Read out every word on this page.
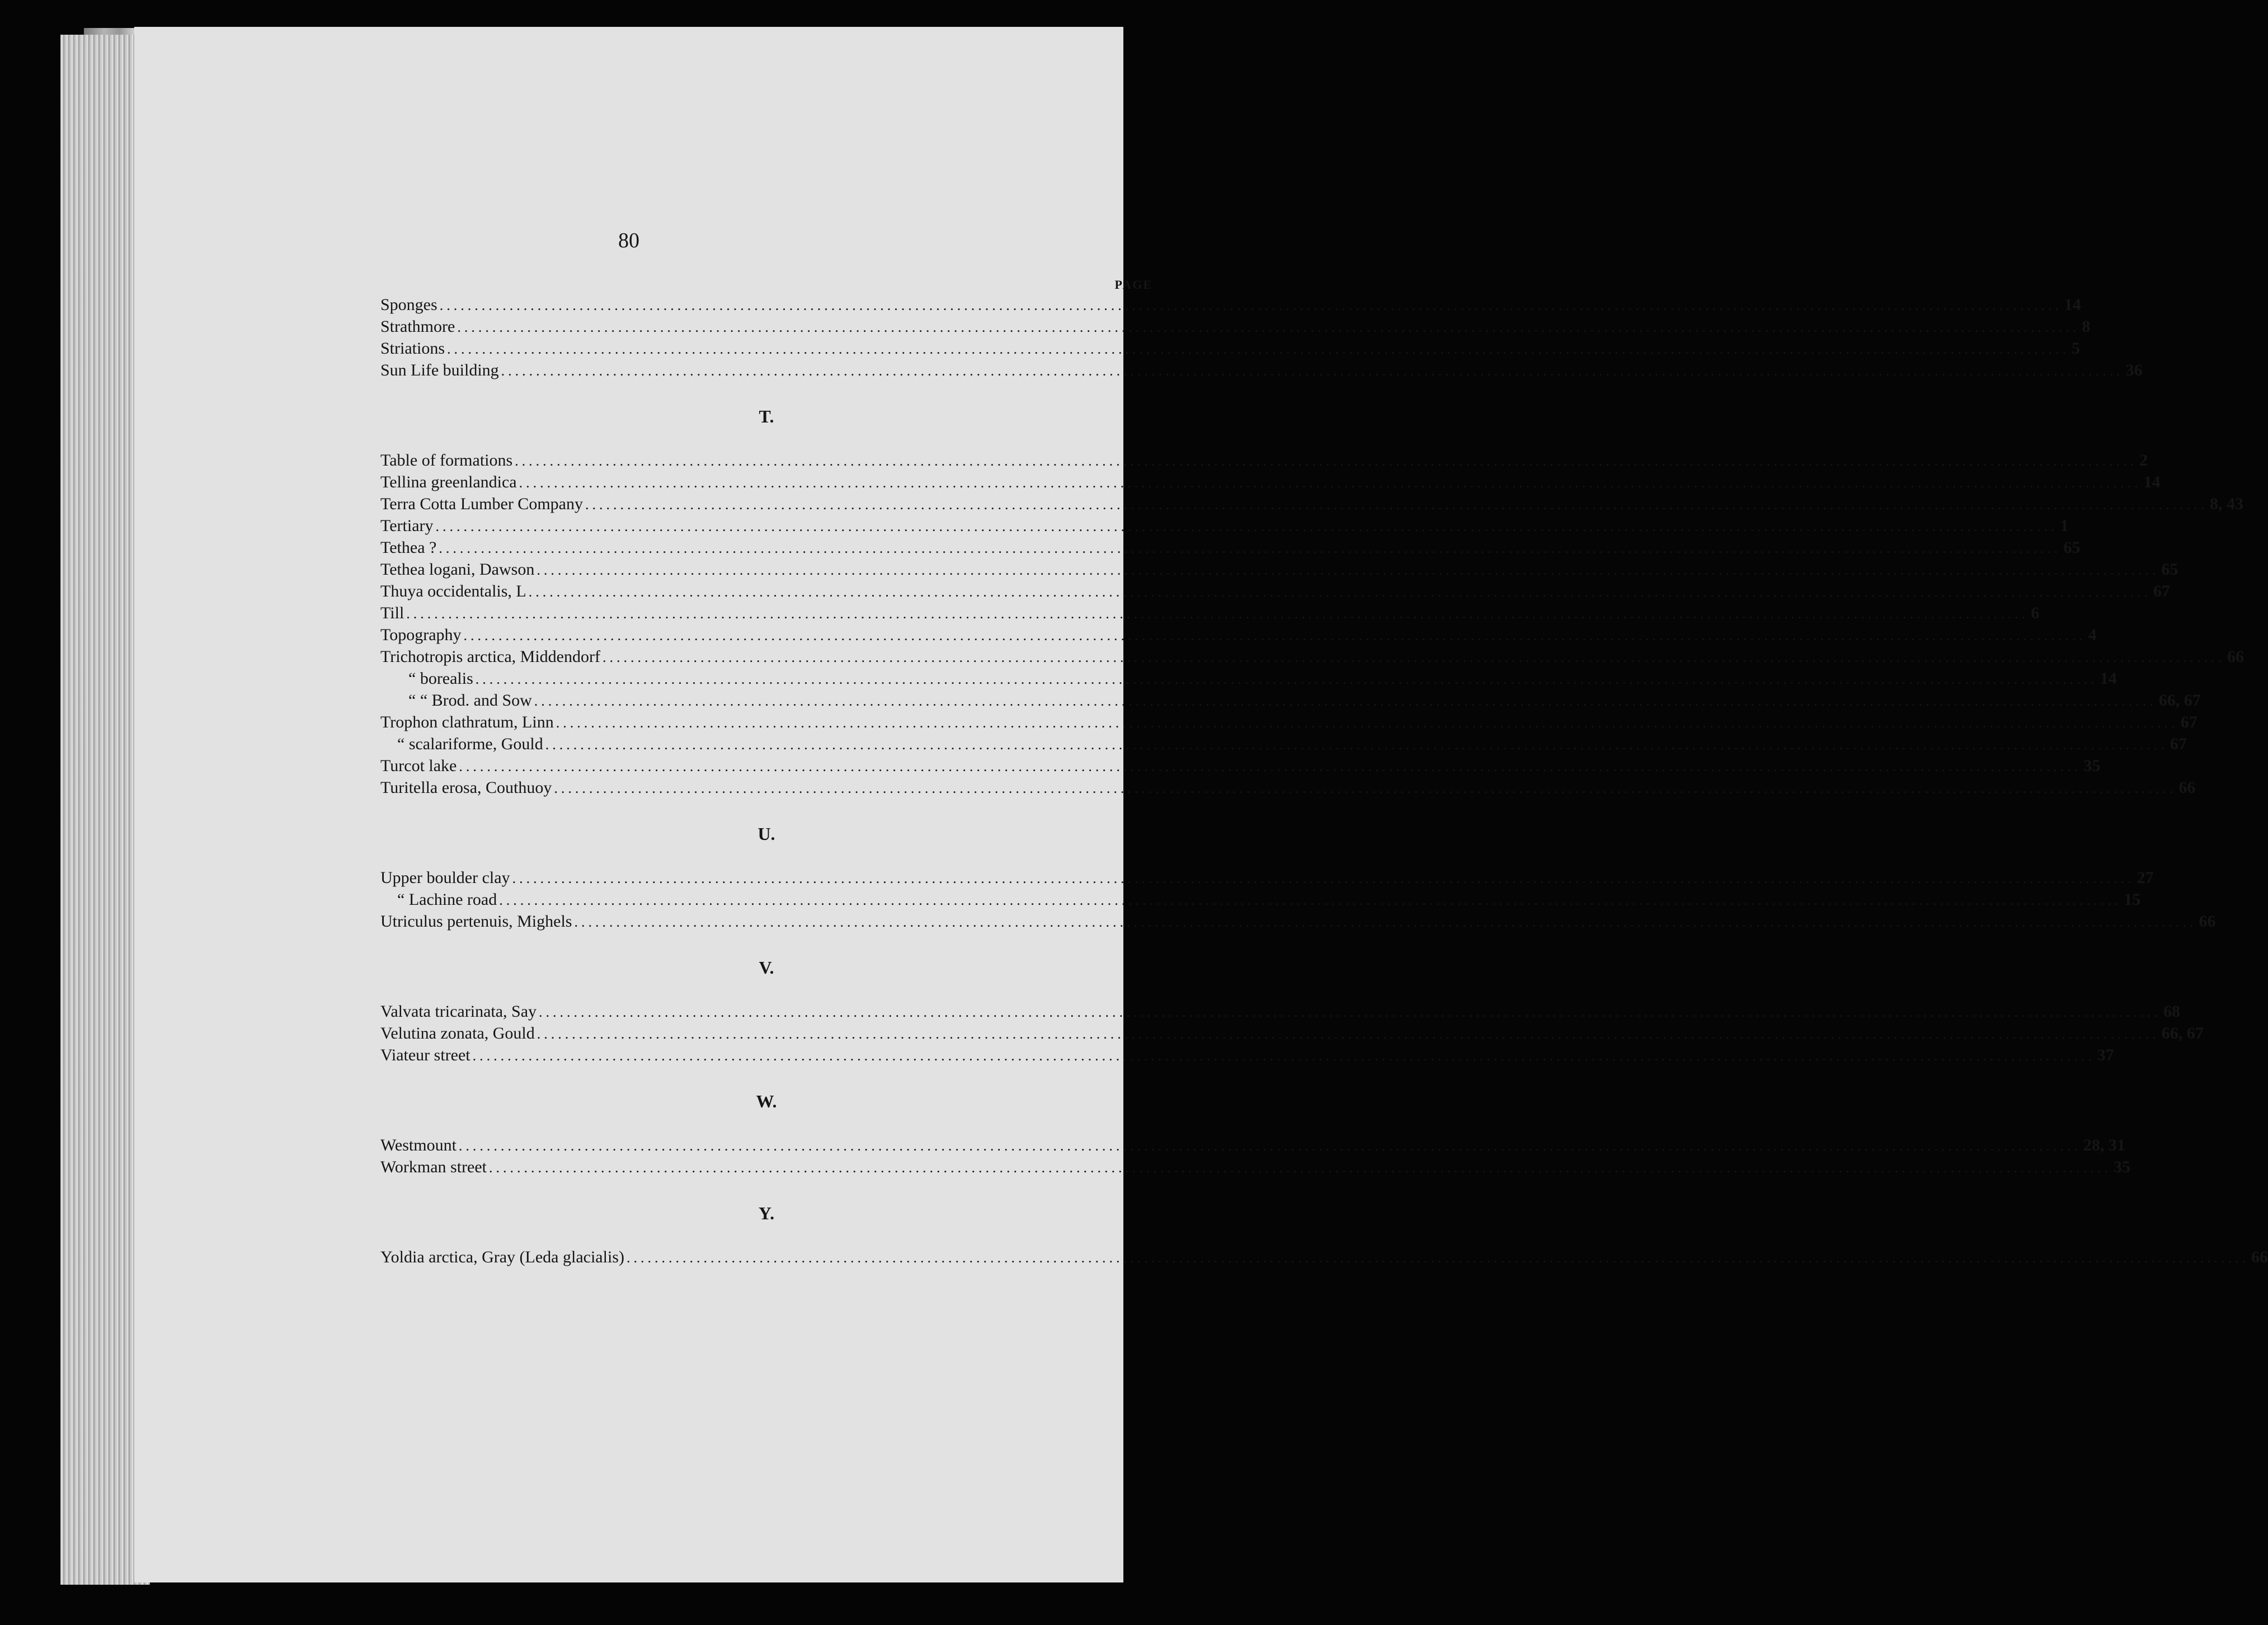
80
PAGE
Sponges .....	14
Strathmore .....	8
Striations .....	5
Sun Life building .....	36
T.
Table of formations .....	2
Tellina greenlandica .....	14
Terra Cotta Lumber Company .....	8, 43
Tertiary .....	1
Tethea ? .....	65
Tethea logani, Dawson .....	65
Thuya occidentalis, L .....	67
Till .....	6
Topography .....	4
Trichotropis arctica, Middendorf .....	66
“ borealis .....	14
“ “ Brod. and Sow .....	66, 67
Trophon clathratum, Linn .....	67
“ scalariforme, Gould .....	67
Turcot lake .....	35
Turitella erosa, Couthuoy .....	66
U.
Upper boulder clay .....	27
“ Lachine road .....	15
Utriculus pertenuis, Mighels .....	66
V.
Valvata tricarinata, Say .....	68
Velutina zonata, Gould .....	66, 67
Viateur street .....	37
W.
Westmount .....	28, 31
Workman street .....	35
Y.
Yoldia arctica, Gray (Leda glacialis) .....	66
